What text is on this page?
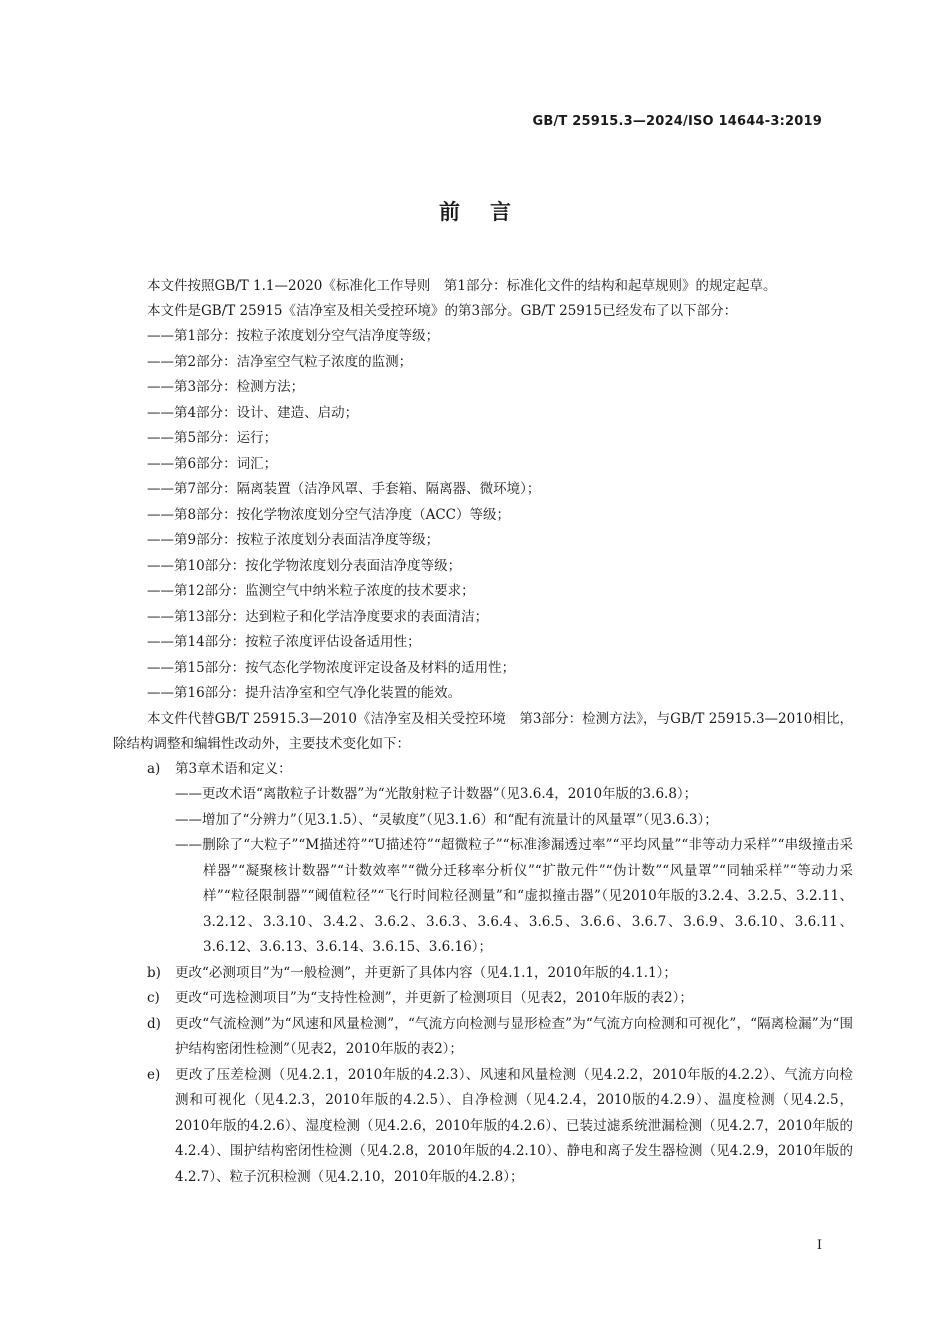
GB/T 25915.3—2024/ISO 14644-3:2019
前言
本文件按照GB/T 1.1—2020《标准化工作导则　第1部分：标准化文件的结构和起草规则》的规定起草。
本文件是GB/T 25915《洁净室及相关受控环境》的第3部分。GB/T 25915已经发布了以下部分：
——第1部分：按粒子浓度划分空气洁净度等级；
——第2部分：洁净室空气粒子浓度的监测；
——第3部分：检测方法；
——第4部分：设计、建造、启动；
——第5部分：运行；
——第6部分：词汇；
——第7部分：隔离装置（洁净风罩、手套箱、隔离器、微环境）；
——第8部分：按化学物浓度划分空气洁净度（ACC）等级；
——第9部分：按粒子浓度划分表面洁净度等级；
——第10部分：按化学物浓度划分表面洁净度等级；
——第12部分：监测空气中纳米粒子浓度的技术要求；
——第13部分：达到粒子和化学洁净度要求的表面清洁；
——第14部分：按粒子浓度评估设备适用性；
——第15部分：按气态化学物浓度评定设备及材料的适用性；
——第16部分：提升洁净室和空气净化装置的能效。
本文件代替GB/T 25915.3—2010《洁净室及相关受控环境　第3部分：检测方法》，与GB/T 25915.3—2010相比，除结构调整和编辑性改动外，主要技术变化如下：
a) 第3章术语和定义：
——更改术语“离散粒子计数器”为“光散射粒子计数器”（见3.6.4，2010年版的3.6.8）；
——增加了“分辨力”（见3.1.5）、“灵敏度”（见3.1.6）和“配有流量计的风量罩”（见3.6.3）；
——删除了“大粒子”“M描述符”“U描述符”“超微粒子”“标准渗漏透过率”“平均风量”“非等动力采样”“串级撞击采样器”“凝聚核计数器”“计数效率”“微分迁移率分析仪”“扩散元件”“伪计数”“风量罩”“同轴采样”“等动力采样”“粒径限制器”“阈值粒径”“飞行时间粒径测量”和“虚拟撞击器”（见2010年版的3.2.4、3.2.5、3.2.11、3.2.12、3.3.10、3.4.2、3.6.2、3.6.3、3.6.4、3.6.5、3.6.6、3.6.7、3.6.9、3.6.10、3.6.11、3.6.12、3.6.13、3.6.14、3.6.15、3.6.16）；
b) 更改“必测项目”为“一般检测”，并更新了具体内容（见4.1.1，2010年版的4.1.1）；
c) 更改“可选检测项目”为“支持性检测”，并更新了检测项目（见表2，2010年版的表2）；
d) 更改“气流检测”为“风速和风量检测”，“气流方向检测与显形检查”为“气流方向检测和可视化”，“隔离检漏”为“围护结构密闭性检测”（见表2，2010年版的表2）；
e) 更改了压差检测（见4.2.1，2010年版的4.2.3）、风速和风量检测（见4.2.2，2010年版的4.2.2）、气流方向检测和可视化（见4.2.3，2010年版的4.2.5）、自净检测（见4.2.4，2010版的4.2.9）、温度检测（见4.2.5，2010年版的4.2.6）、湿度检测（见4.2.6，2010年版的4.2.6）、已装过滤系统泄漏检测（见4.2.7，2010年版的4.2.4）、围护结构密闭性检测（见4.2.8，2010年版的4.2.10）、静电和离子发生器检测（见4.2.9，2010年版的4.2.7）、粒子沉积检测（见4.2.10，2010年版的4.2.8）；
I
